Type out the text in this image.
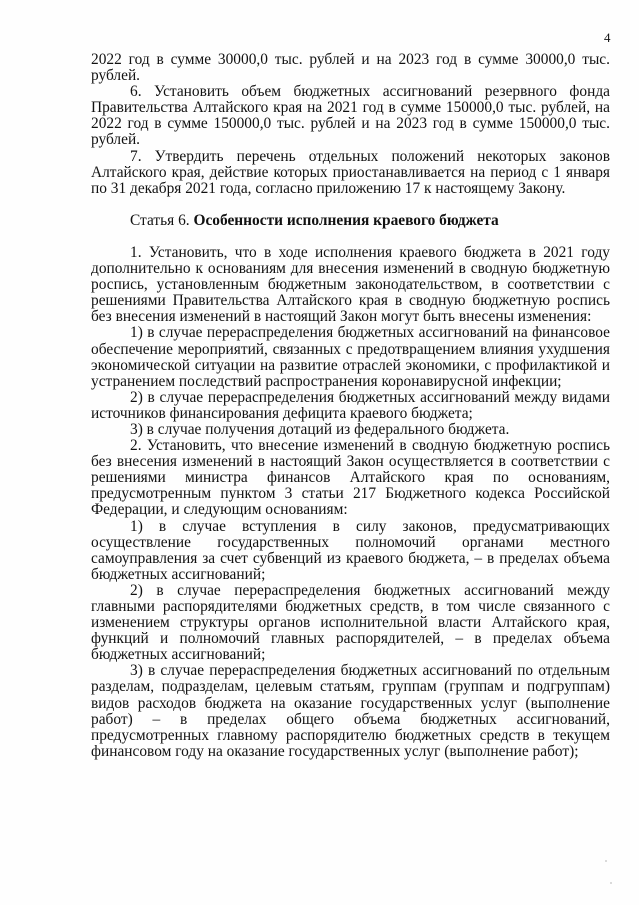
4

2022 год в сумме 30000,0 тыс. рублей и на 2023 год в сумме 30000,0 тыс. рублей.

6. Установить объем бюджетных ассигнований резервного фонда Правительства Алтайского края на 2021 год в сумме 150000,0 тыс. рублей, на 2022 год в сумме 150000,0 тыс. рублей и на 2023 год в сумме 150000,0 тыс. рублей.

7. Утвердить перечень отдельных положений некоторых законов Алтайского края, действие которых приостанавливается на период с 1 января по 31 декабря 2021 года, согласно приложению 17 к настоящему Закону.

Статья 6. Особенности исполнения краевого бюджета

1. Установить, что в ходе исполнения краевого бюджета в 2021 году дополнительно к основаниям для внесения изменений в сводную бюджетную роспись, установленным бюджетным законодательством, в соответствии с решениями Правительства Алтайского края в сводную бюджетную роспись без внесения изменений в настоящий Закон могут быть внесены изменения:

1) в случае перераспределения бюджетных ассигнований на финансовое обеспечение мероприятий, связанных с предотвращением влияния ухудшения экономической ситуации на развитие отраслей экономики, с профилактикой и устранением последствий распространения коронавирусной инфекции;

2) в случае перераспределения бюджетных ассигнований между видами источников финансирования дефицита краевого бюджета;

3) в случае получения дотаций из федерального бюджета.

2. Установить, что внесение изменений в сводную бюджетную роспись без внесения изменений в настоящий Закон осуществляется в соответствии с решениями министра финансов Алтайского края по основаниям, предусмотренным пунктом 3 статьи 217 Бюджетного кодекса Российской Федерации, и следующим основаниям:

1) в случае вступления в силу законов, предусматривающих осуществление государственных полномочий органами местного самоуправления за счет субвенций из краевого бюджета, – в пределах объема бюджетных ассигнований;

2) в случае перераспределения бюджетных ассигнований между главными распорядителями бюджетных средств, в том числе связанного с изменением структуры органов исполнительной власти Алтайского края, функций и полномочий главных распорядителей, – в пределах объема бюджетных ассигнований;

3) в случае перераспределения бюджетных ассигнований по отдельным разделам, подразделам, целевым статьям, группам (группам и подгруппам) видов расходов бюджета на оказание государственных услуг (выполнение работ) – в пределах общего объема бюджетных ассигнований, предусмотренных главному распорядителю бюджетных средств в текущем финансовом году на оказание государственных услуг (выполнение работ);
